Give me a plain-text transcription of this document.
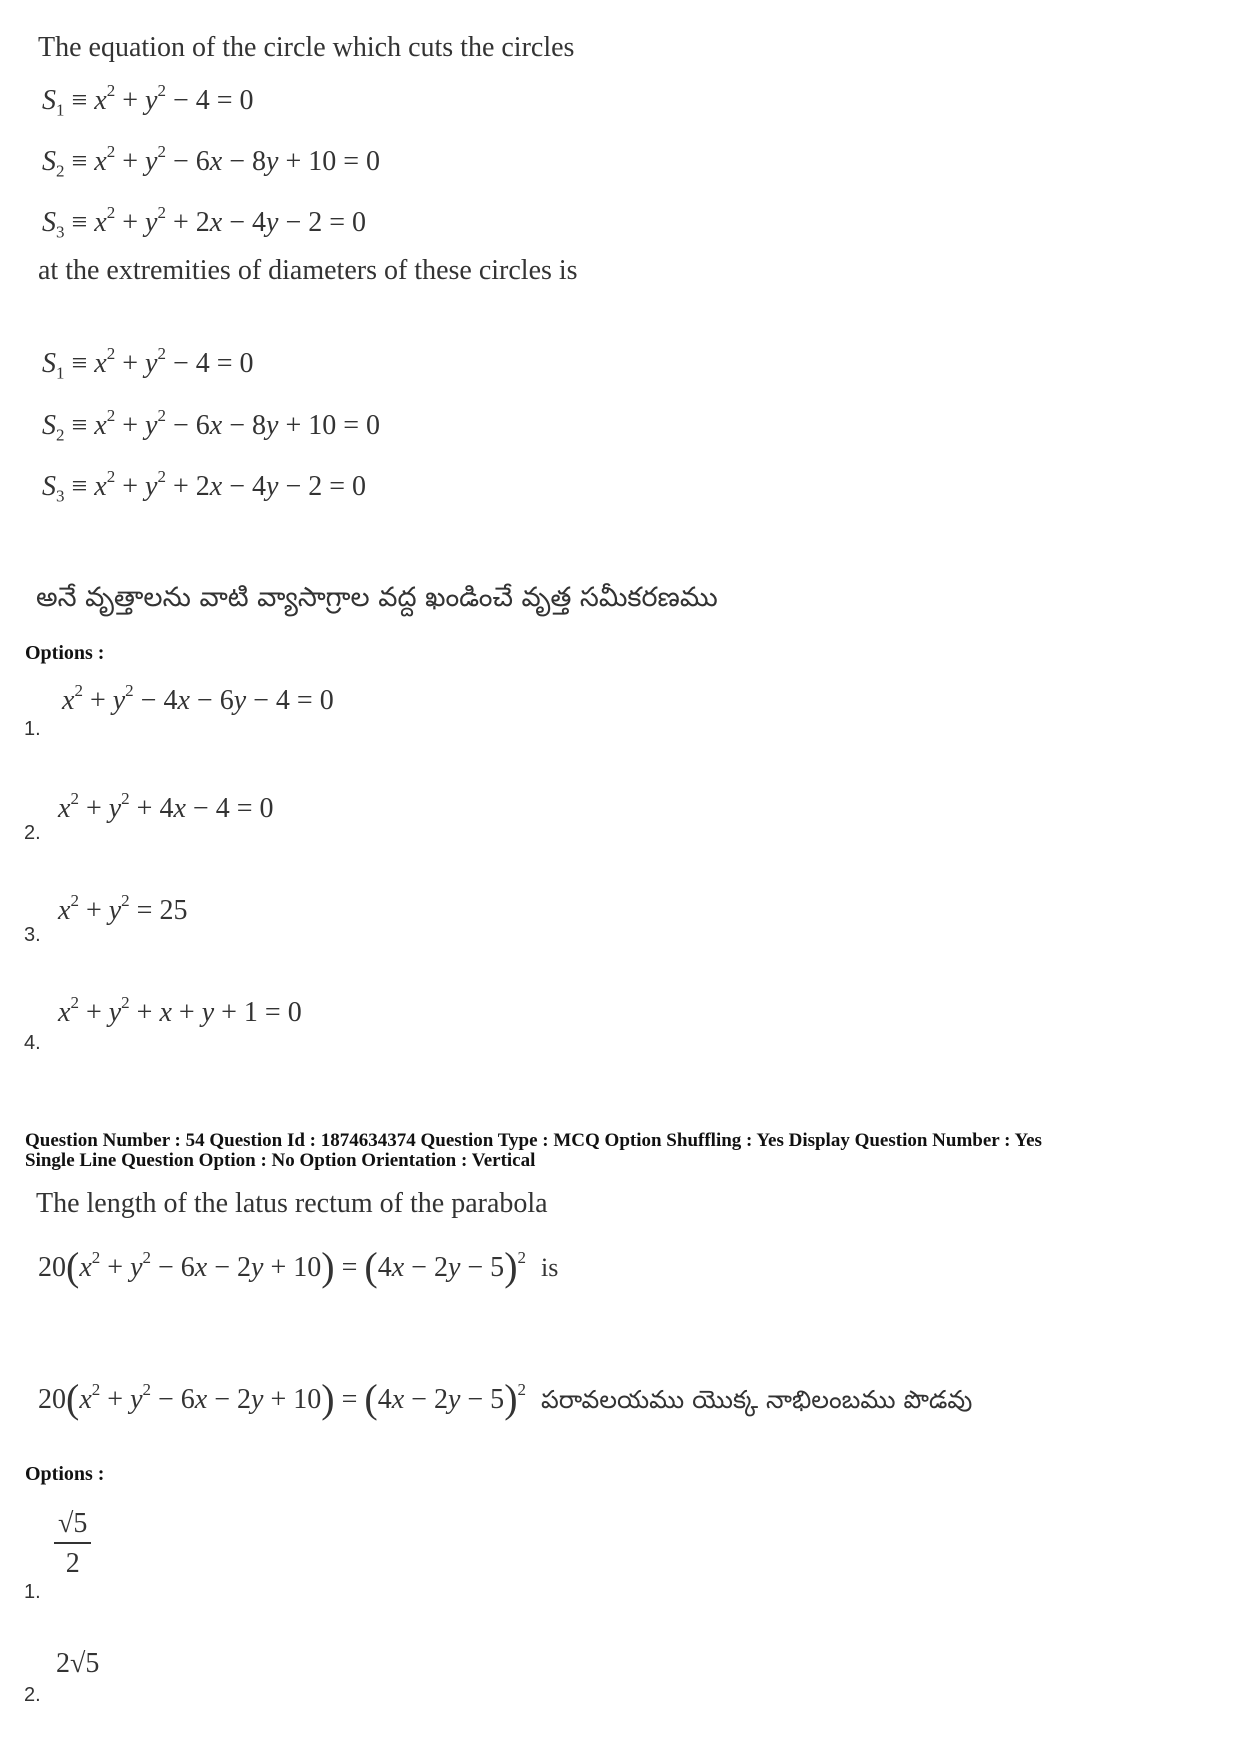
The equation of the circle which cuts the circles
$S_1 \equiv x^2 + y^2 - 4 = 0$
$S_2 \equiv x^2 + y^2 - 6x - 8y + 10 = 0$
$S_3 \equiv x^2 + y^2 + 2x - 4y - 2 = 0$
at the extremities of diameters of these circles is
$S_1 \equiv x^2 + y^2 - 4 = 0$
$S_2 \equiv x^2 + y^2 - 6x - 8y + 10 = 0$
$S_3 \equiv x^2 + y^2 + 2x - 4y - 2 = 0$
అనే వృత్తాలను వాటి వ్యాసాగ్రాల వద్ద ఖండించే వృత్త సమీకరణము
Options :
1.
$x^2 + y^2 - 4x - 6y - 4 = 0$
2.
$x^2 + y^2 + 4x - 4 = 0$
3.
$x^2 + y^2 = 25$
4.
$x^2 + y^2 + x + y + 1 = 0$
Question Number : 54 Question Id : 1874634374 Question Type : MCQ Option Shuffling : Yes Display Question Number : Yes
Single Line Question Option : No Option Orientation : Vertical
The length of the latus rectum of the parabola
$20(x^2 + y^2 - 6x - 2y + 10) = (4x - 2y - 5)^2$ is
$20(x^2 + y^2 - 6x - 2y + 10) = (4x - 2y - 5)^2$ పరావలయము యొక్క నాభిలంబము పొడవు
Options :
1.
$\frac{√5}{2}$
2.
2√5
